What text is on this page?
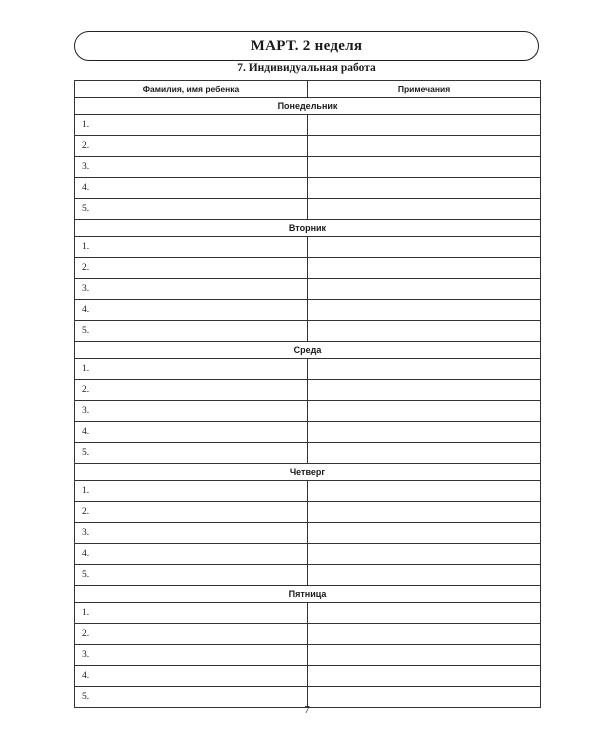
МАРТ. 2 неделя
7. Индивидуальная работа
Фамилия, имя ребенка	Примечания
Понедельник	
1.	
2.	
3.	
4.	
5.	
Вторник	
1.	
2.	
3.	
4.	
5.	
Среда	
1.	
2.	
3.	
4.	
5.	
Четверг	
1.	
2.	
3.	
4.	
5.	
Пятница	
1.	
2.	
3.	
4.	
5.	
7
